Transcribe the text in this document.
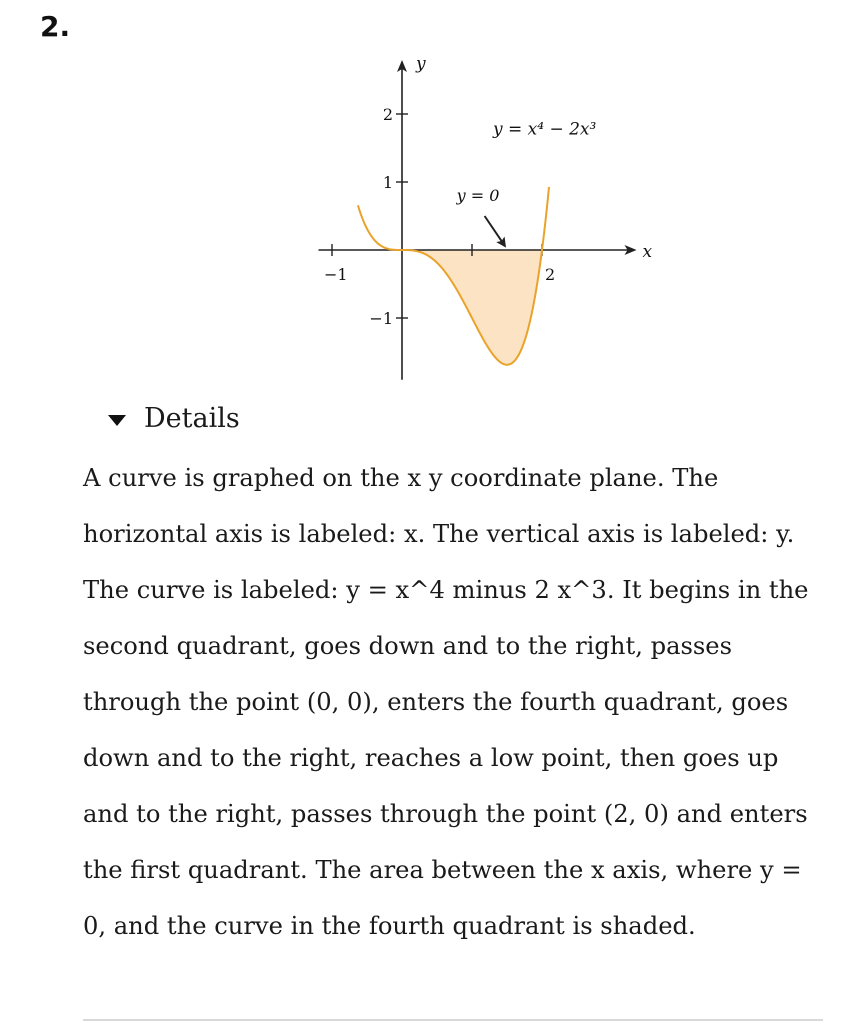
2.
x
y
−1	2
2
1
−1
y = x⁴ − 2x³
y = 0
Details

A curve is graphed on the x y coordinate plane. The horizontal axis is labeled: x. The vertical axis is labeled: y. The curve is labeled: y = x^4 minus 2 x^3. It begins in the second quadrant, goes down and to the right, passes through the point (0, 0), enters the fourth quadrant, goes down and to the right, reaches a low point, then goes up and to the right, passes through the point (2, 0) and enters the first quadrant. The area between the x axis, where y = 0, and the curve in the fourth quadrant is shaded.
